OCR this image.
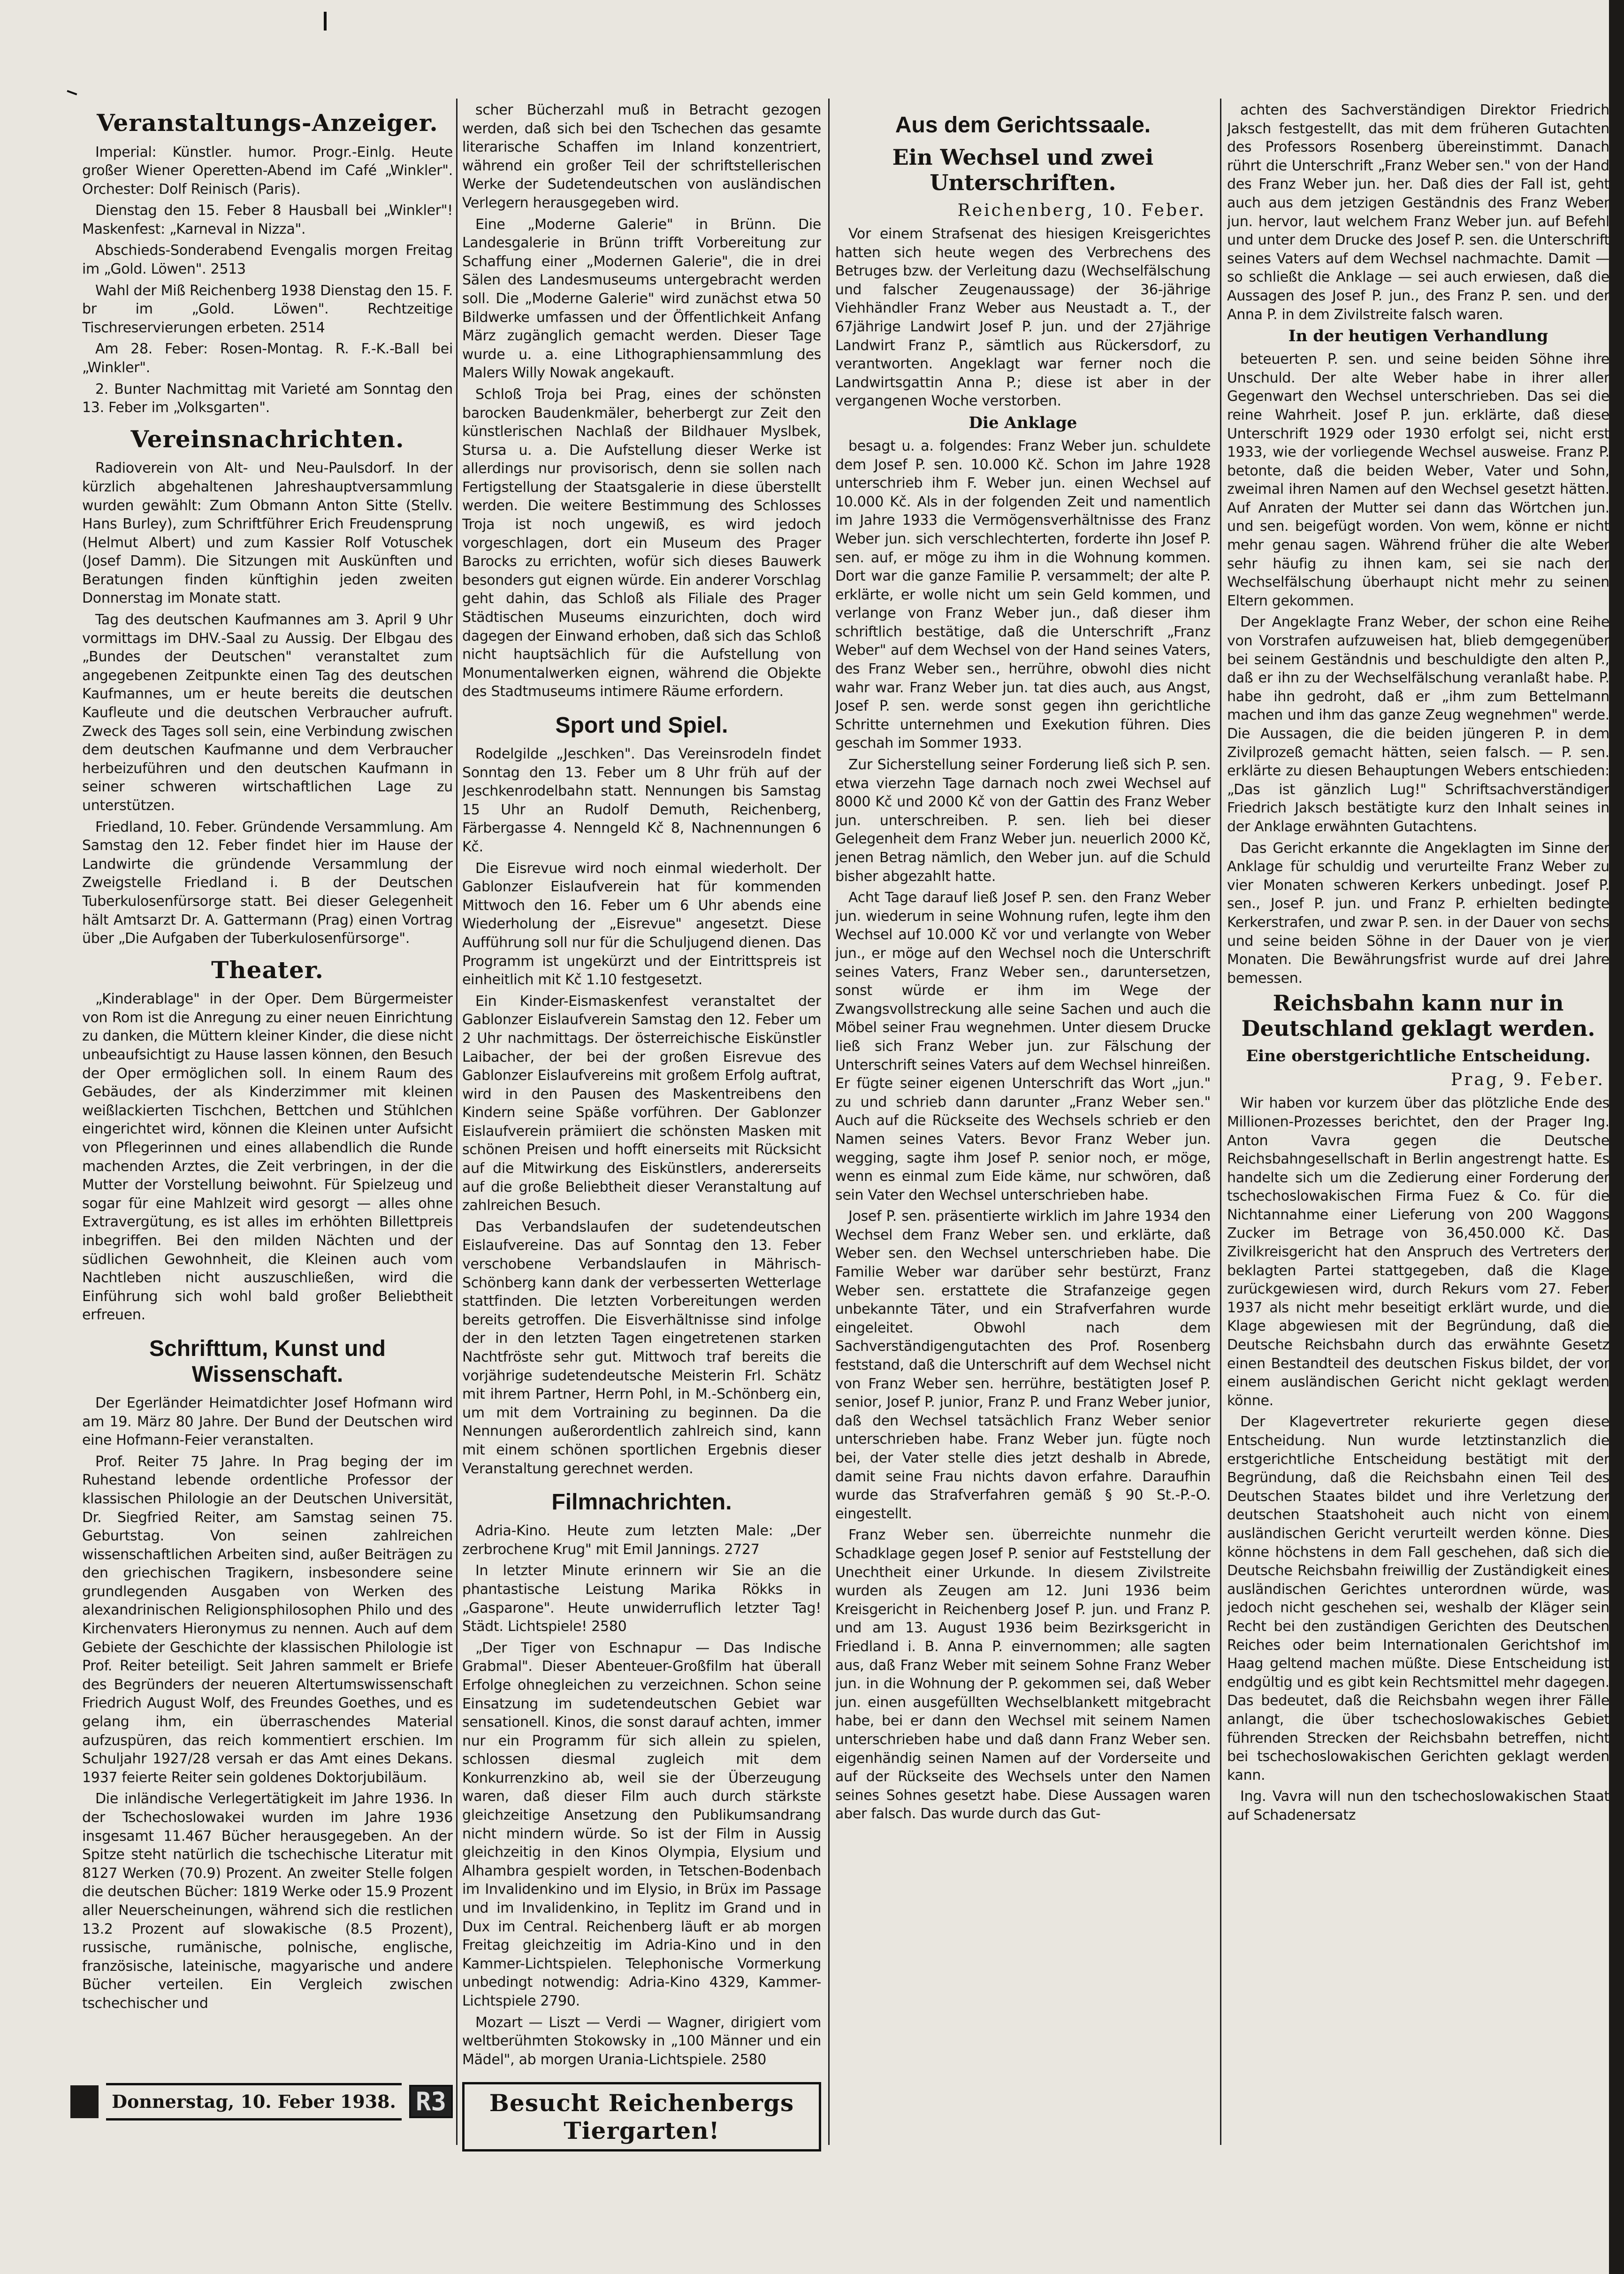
Veranstaltungs-Anzeiger.

Imperial: Künstler. humor. Progr.-Einlg. Heute großer Wiener Operetten-Abend im Café „Winkler". Orchester: Dolf Reinisch (Paris).

Dienstag den 15. Feber 8 Hausball bei „Winkler"! Maskenfest: „Karneval in Nizza".

Abschieds-Sonderabend Evengalis morgen Freitag im „Gold. Löwen". 2513

Wahl der Miß Reichenberg 1938 Dienstag den 15. F. br im „Gold. Löwen". Rechtzeitige Tischreservierungen erbeten. 2514

Am 28. Feber: Rosen-Montag. R. F.-K.-Ball bei „Winkler".

2. Bunter Nachmittag mit Varieté am Sonntag den 13. Feber im „Volksgarten".

Vereinsnachrichten.

Radioverein von Alt- und Neu-Paulsdorf. In der kürzlich abgehaltenen Jahreshauptversammlung wurden gewählt: Zum Obmann Anton Sitte (Stellv. Hans Burley), zum Schriftführer Erich Freudensprung (Helmut Albert) und zum Kassier Rolf Votuschek (Josef Damm). Die Sitzungen mit Auskünften und Beratungen finden künftighin jeden zweiten Donnerstag im Monate statt.

Tag des deutschen Kaufmannes am 3. April 9 Uhr vormittags im DHV.-Saal zu Aussig. Der Elbgau des „Bundes der Deutschen" veranstaltet zum angegebenen Zeitpunkte einen Tag des deutschen Kaufmannes, um er heute bereits die deutschen Kaufleute und die deutschen Verbraucher aufruft. Zweck des Tages soll sein, eine Verbindung zwischen dem deutschen Kaufmanne und dem Verbraucher herbeizuführen und den deutschen Kaufmann in seiner schweren wirtschaftlichen Lage zu unterstützen.

Friedland, 10. Feber. Gründende Versammlung. Am Samstag den 12. Feber findet hier im Hause der Landwirte die gründende Versammlung der Zweigstelle Friedland i. B der Deutschen Tuberkulosenfürsorge statt. Bei dieser Gelegenheit hält Amtsarzt Dr. A. Gattermann (Prag) einen Vortrag über „Die Aufgaben der Tuberkulosenfürsorge".

Theater.

„Kinderablage" in der Oper. Dem Bürgermeister von Rom ist die Anregung zu einer neuen Einrichtung zu danken, die Müttern kleiner Kinder, die diese nicht unbeaufsichtigt zu Hause lassen können, den Besuch der Oper ermöglichen soll. In einem Raum des Gebäudes, der als Kinderzimmer mit kleinen weißlackierten Tischchen, Bettchen und Stühlchen eingerichtet wird, können die Kleinen unter Aufsicht von Pflegerinnen und eines allabendlich die Runde machenden Arztes, die Zeit verbringen, in der die Mutter der Vorstellung beiwohnt. Für Spielzeug und sogar für eine Mahlzeit wird gesorgt — alles ohne Extravergütung, es ist alles im erhöhten Billettpreis inbegriffen. Bei den milden Nächten und der südlichen Gewohnheit, die Kleinen auch vom Nachtleben nicht auszuschließen, wird die Einführung sich wohl bald großer Beliebtheit erfreuen.

Schrifttum, Kunst und Wissenschaft.

Der Egerländer Heimatdichter Josef Hofmann wird am 19. März 80 Jahre. Der Bund der Deutschen wird eine Hofmann-Feier veranstalten.

Prof. Reiter 75 Jahre. In Prag beging der im Ruhestand lebende ordentliche Professor der klassischen Philologie an der Deutschen Universität, Dr. Siegfried Reiter, am Samstag seinen 75. Geburtstag. Von seinen zahlreichen wissenschaftlichen Arbeiten sind, außer Beiträgen zu den griechischen Tragikern, insbesondere seine grundlegenden Ausgaben von Werken des alexandrinischen Religionsphilosophen Philo und des Kirchenvaters Hieronymus zu nennen. Auch auf dem Gebiete der Geschichte der klassischen Philologie ist Prof. Reiter beteiligt. Seit Jahren sammelt er Briefe des Begründers der neueren Altertumswissenschaft Friedrich August Wolf, des Freundes Goethes, und es gelang ihm, ein überraschendes Material aufzuspüren, das reich kommentiert erschien. Im Schuljahr 1927/28 versah er das Amt eines Dekans. 1937 feierte Reiter sein goldenes Doktorjubiläum.

Die inländische Verlegertätigkeit im Jahre 1936. In der Tschechoslowakei wurden im Jahre 1936 insgesamt 11.467 Bücher herausgegeben. An der Spitze steht natürlich die tschechische Literatur mit 8127 Werken (70.9) Prozent. An zweiter Stelle folgen die deutschen Bücher: 1819 Werke oder 15.9 Prozent aller Neuerscheinungen, während sich die restlichen 13.2 Prozent auf slowakische (8.5 Prozent), russische, rumänische, polnische, englische, französische, lateinische, magyarische und andere Bücher verteilen. Ein Vergleich zwischen tschechischer und

scher Bücherzahl muß in Betracht gezogen werden, daß sich bei den Tschechen das gesamte literarische Schaffen im Inland konzentriert, während ein großer Teil der schriftstellerischen Werke der Sudetendeutschen von ausländischen Verlegern herausgegeben wird.

Eine „Moderne Galerie" in Brünn. Die Landesgalerie in Brünn trifft Vorbereitung zur Schaffung einer „Modernen Galerie", die in drei Sälen des Landesmuseums untergebracht werden soll. Die „Moderne Galerie" wird zunächst etwa 50 Bildwerke umfassen und der Öffentlichkeit Anfang März zugänglich gemacht werden. Dieser Tage wurde u. a. eine Lithographiensammlung des Malers Willy Nowak angekauft.

Schloß Troja bei Prag, eines der schönsten barocken Baudenkmäler, beherbergt zur Zeit den künstlerischen Nachlaß der Bildhauer Myslbek, Stursa u. a. Die Aufstellung dieser Werke ist allerdings nur provisorisch, denn sie sollen nach Fertigstellung der Staatsgalerie in diese überstellt werden. Die weitere Bestimmung des Schlosses Troja ist noch ungewiß, es wird jedoch vorgeschlagen, dort ein Museum des Prager Barocks zu errichten, wofür sich dieses Bauwerk besonders gut eignen würde. Ein anderer Vorschlag geht dahin, das Schloß als Filiale des Prager Städtischen Museums einzurichten, doch wird dagegen der Einwand erhoben, daß sich das Schloß nicht hauptsächlich für die Aufstellung von Monumentalwerken eignen, während die Objekte des Stadtmuseums intimere Räume erfordern.

Sport und Spiel.

Rodelgilde „Jeschken". Das Vereinsrodeln findet Sonntag den 13. Feber um 8 Uhr früh auf der Jeschkenrodelbahn statt. Nennungen bis Samstag 15 Uhr an Rudolf Demuth, Reichenberg, Färbergasse 4. Nenngeld Kč 8, Nachnennungen 6 Kč.

Die Eisrevue wird noch einmal wiederholt. Der Gablonzer Eislaufverein hat für kommenden Mittwoch den 16. Feber um 6 Uhr abends eine Wiederholung der „Eisrevue" angesetzt. Diese Aufführung soll nur für die Schuljugend dienen. Das Programm ist ungekürzt und der Eintrittspreis ist einheitlich mit Kč 1.10 festgesetzt.

Ein Kinder-Eismaskenfest veranstaltet der Gablonzer Eislaufverein Samstag den 12. Feber um 2 Uhr nachmittags. Der österreichische Eiskünstler Laibacher, der bei der großen Eisrevue des Gablonzer Eislaufvereins mit großem Erfolg auftrat, wird in den Pausen des Maskentreibens den Kindern seine Späße vorführen. Der Gablonzer Eislaufverein prämiiert die schönsten Masken mit schönen Preisen und hofft einerseits mit Rücksicht auf die Mitwirkung des Eiskünstlers, andererseits auf die große Beliebtheit dieser Veranstaltung auf zahlreichen Besuch.

Das Verbandslaufen der sudetendeutschen Eislaufvereine. Das auf Sonntag den 13. Feber verschobene Verbandslaufen in Mährisch-Schönberg kann dank der verbesserten Wetterlage stattfinden. Die letzten Vorbereitungen werden bereits getroffen. Die Eisverhältnisse sind infolge der in den letzten Tagen eingetretenen starken Nachtfröste sehr gut. Mittwoch traf bereits die vorjährige sudetendeutsche Meisterin Frl. Schätz mit ihrem Partner, Herrn Pohl, in M.-Schönberg ein, um mit dem Vortraining zu beginnen. Da die Nennungen außerordentlich zahlreich sind, kann mit einem schönen sportlichen Ergebnis dieser Veranstaltung gerechnet werden.

Filmnachrichten.

Adria-Kino. Heute zum letzten Male: „Der zerbrochene Krug" mit Emil Jannings. 2727

In letzter Minute erinnern wir Sie an die phantastische Leistung Marika Rökks in „Gasparone". Heute unwiderruflich letzter Tag! Städt. Lichtspiele! 2580

„Der Tiger von Eschnapur — Das Indische Grabmal". Dieser Abenteuer-Großfilm hat überall Erfolge ohnegleichen zu verzeichnen. Schon seine Einsatzung im sudetendeutschen Gebiet war sensationell. Kinos, die sonst darauf achten, immer nur ein Programm für sich allein zu spielen, schlossen diesmal zugleich mit dem Konkurrenzkino ab, weil sie der Überzeugung waren, daß dieser Film auch durch stärkste gleichzeitige Ansetzung den Publikumsandrang nicht mindern würde. So ist der Film in Aussig gleichzeitig in den Kinos Olympia, Elysium und Alhambra gespielt worden, in Tetschen-Bodenbach im Invalidenkino und im Elysio, in Brüx im Passage und im Invalidenkino, in Teplitz im Grand und in Dux im Central. Reichenberg läuft er ab morgen Freitag gleichzeitig im Adria-Kino und in den Kammer-Lichtspielen. Telephonische Vormerkung unbedingt notwendig: Adria-Kino 4329, Kammer-Lichtspiele 2790.

Mozart — Liszt — Verdi — Wagner, dirigiert vom weltberühmten Stokowsky in „100 Männer und ein Mädel", ab morgen Urania-Lichtspiele. 2580

Besucht Reichenbergs Tiergarten!
Aus dem Gerichtssaale.
Ein Wechsel und zwei Unterschriften.
Reichenberg, 10. Feber.

Vor einem Strafsenat des hiesigen Kreisgerichtes hatten sich heute wegen des Verbrechens des Betruges bzw. der Verleitung dazu (Wechselfälschung und falscher Zeugenaussage) der 36-jährige Viehhändler Franz Weber aus Neustadt a. T., der 67jährige Landwirt Josef P. jun. und der 27jährige Landwirt Franz P., sämtlich aus Rückersdorf, zu verantworten. Angeklagt war ferner noch die Landwirtsgattin Anna P.; diese ist aber in der vergangenen Woche verstorben.

Die Anklage

besagt u. a. folgendes: Franz Weber jun. schuldete dem Josef P. sen. 10.000 Kč. Schon im Jahre 1928 unterschrieb ihm F. Weber jun. einen Wechsel auf 10.000 Kč. Als in der folgenden Zeit und namentlich im Jahre 1933 die Vermögensverhältnisse des Franz Weber jun. sich verschlechterten, forderte ihn Josef P. sen. auf, er möge zu ihm in die Wohnung kommen. Dort war die ganze Familie P. versammelt; der alte P. erklärte, er wolle nicht um sein Geld kommen, und verlange von Franz Weber jun., daß dieser ihm schriftlich bestätige, daß die Unterschrift „Franz Weber" auf dem Wechsel von der Hand seines Vaters, des Franz Weber sen., herrühre, obwohl dies nicht wahr war. Franz Weber jun. tat dies auch, aus Angst, Josef P. sen. werde sonst gegen ihn gerichtliche Schritte unternehmen und Exekution führen. Dies geschah im Sommer 1933.

Zur Sicherstellung seiner Forderung ließ sich P. sen. etwa vierzehn Tage darnach noch zwei Wechsel auf 8000 Kč und 2000 Kč von der Gattin des Franz Weber jun. unterschreiben. P. sen. lieh bei dieser Gelegenheit dem Franz Weber jun. neuerlich 2000 Kč, jenen Betrag nämlich, den Weber jun. auf die Schuld bisher abgezahlt hatte.

Acht Tage darauf ließ Josef P. sen. den Franz Weber jun. wiederum in seine Wohnung rufen, legte ihm den Wechsel auf 10.000 Kč vor und verlangte von Weber jun., er möge auf den Wechsel noch die Unterschrift seines Vaters, Franz Weber sen., daruntersetzen, sonst würde er ihm im Wege der Zwangsvollstreckung alle seine Sachen und auch die Möbel seiner Frau wegnehmen. Unter diesem Drucke ließ sich Franz Weber jun. zur Fälschung der Unterschrift seines Vaters auf dem Wechsel hinreißen. Er fügte seiner eigenen Unterschrift das Wort „jun." zu und schrieb dann darunter „Franz Weber sen." Auch auf die Rückseite des Wechsels schrieb er den Namen seines Vaters. Bevor Franz Weber jun. wegging, sagte ihm Josef P. senior noch, er möge, wenn es einmal zum Eide käme, nur schwören, daß sein Vater den Wechsel unterschrieben habe.

Josef P. sen. präsentierte wirklich im Jahre 1934 den Wechsel dem Franz Weber sen. und erklärte, daß Weber sen. den Wechsel unterschrieben habe. Die Familie Weber war darüber sehr bestürzt, Franz Weber sen. erstattete die Strafanzeige gegen unbekannte Täter, und ein Strafverfahren wurde eingeleitet. Obwohl nach dem Sachverständigengutachten des Prof. Rosenberg feststand, daß die Unterschrift auf dem Wechsel nicht von Franz Weber sen. herrühre, bestätigten Josef P. senior, Josef P. junior, Franz P. und Franz Weber junior, daß den Wechsel tatsächlich Franz Weber senior unterschrieben habe. Franz Weber jun. fügte noch bei, der Vater stelle dies jetzt deshalb in Abrede, damit seine Frau nichts davon erfahre. Daraufhin wurde das Strafverfahren gemäß § 90 St.-P.-O. eingestellt.

Franz Weber sen. überreichte nunmehr die Schadklage gegen Josef P. senior auf Feststellung der Unechtheit einer Urkunde. In diesem Zivilstreite wurden als Zeugen am 12. Juni 1936 beim Kreisgericht in Reichenberg Josef P. jun. und Franz P. und am 13. August 1936 beim Bezirksgericht in Friedland i. B. Anna P. einvernommen; alle sagten aus, daß Franz Weber mit seinem Sohne Franz Weber jun. in die Wohnung der P. gekommen sei, daß Weber jun. einen ausgefüllten Wechselblankett mitgebracht habe, bei er dann den Wechsel mit seinem Namen unterschrieben habe und daß dann Franz Weber sen. eigenhändig seinen Namen auf der Vorderseite und auf der Rückseite des Wechsels unter den Namen seines Sohnes gesetzt habe. Diese Aussagen waren aber falsch. Das wurde durch das Gut-

achten des Sachverständigen Direktor Friedrich Jaksch festgestellt, das mit dem früheren Gutachten des Professors Rosenberg übereinstimmt. Danach rührt die Unterschrift „Franz Weber sen." von der Hand des Franz Weber jun. her. Daß dies der Fall ist, geht auch aus dem jetzigen Geständnis des Franz Weber jun. hervor, laut welchem Franz Weber jun. auf Befehl und unter dem Drucke des Josef P. sen. die Unterschrift seines Vaters auf dem Wechsel nachmachte. Damit — so schließt die Anklage — sei auch erwiesen, daß die Aussagen des Josef P. jun., des Franz P. sen. und der Anna P. in dem Zivilstreite falsch waren.

In der heutigen Verhandlung

beteuerten P. sen. und seine beiden Söhne ihre Unschuld. Der alte Weber habe in ihrer aller Gegenwart den Wechsel unterschrieben. Das sei die reine Wahrheit. Josef P. jun. erklärte, daß diese Unterschrift 1929 oder 1930 erfolgt sei, nicht erst 1933, wie der vorliegende Wechsel ausweise. Franz P. betonte, daß die beiden Weber, Vater und Sohn, zweimal ihren Namen auf den Wechsel gesetzt hätten. Auf Anraten der Mutter sei dann das Wörtchen jun. und sen. beigefügt worden. Von wem, könne er nicht mehr genau sagen. Während früher die alte Weber sehr häufig zu ihnen kam, sei sie nach der Wechselfälschung überhaupt nicht mehr zu seinen Eltern gekommen.

Der Angeklagte Franz Weber, der schon eine Reihe von Vorstrafen aufzuweisen hat, blieb demgegenüber bei seinem Geständnis und beschuldigte den alten P., daß er ihn zu der Wechselfälschung veranlaßt habe. P. habe ihn gedroht, daß er „ihm zum Bettelmann machen und ihm das ganze Zeug wegnehmen" werde. Die Aussagen, die die beiden jüngeren P. in dem Zivilprozeß gemacht hätten, seien falsch. — P. sen. erklärte zu diesen Behauptungen Webers entschieden: „Das ist gänzlich Lug!" Schriftsachverständiger Friedrich Jaksch bestätigte kurz den Inhalt seines in der Anklage erwähnten Gutachtens.

Das Gericht erkannte die Angeklagten im Sinne der Anklage für schuldig und verurteilte Franz Weber zu vier Monaten schweren Kerkers unbedingt. Josef P. sen., Josef P. jun. und Franz P. erhielten bedingte Kerkerstrafen, und zwar P. sen. in der Dauer von sechs und seine beiden Söhne in der Dauer von je vier Monaten. Die Bewährungsfrist wurde auf drei Jahre bemessen.

Reichsbahn kann nur in Deutschland geklagt werden.
Eine oberstgerichtliche Entscheidung.
Prag, 9. Feber.

Wir haben vor kurzem über das plötzliche Ende des Millionen-Prozesses berichtet, den der Prager Ing. Anton Vavra gegen die Deutsche Reichsbahngesellschaft in Berlin angestrengt hatte. Es handelte sich um die Zedierung einer Forderung der tschechoslowakischen Firma Fuez & Co. für die Nichtannahme einer Lieferung von 200 Waggons Zucker im Betrage von 36,450.000 Kč. Das Zivilkreisgericht hat den Anspruch des Vertreters der beklagten Partei stattgegeben, daß die Klage zurückgewiesen wird, durch Rekurs vom 27. Feber 1937 als nicht mehr beseitigt erklärt wurde, und die Klage abgewiesen mit der Begründung, daß die Deutsche Reichsbahn durch das erwähnte Gesetz einen Bestandteil des deutschen Fiskus bildet, der vor einem ausländischen Gericht nicht geklagt werden könne.

Der Klagevertreter rekurierte gegen diese Entscheidung. Nun wurde letztinstanzlich die erstgerichtliche Entscheidung bestätigt mit der Begründung, daß die Reichsbahn einen Teil des Deutschen Staates bildet und ihre Verletzung der deutschen Staatshoheit auch nicht von einem ausländischen Gericht verurteilt werden könne. Dies könne höchstens in dem Fall geschehen, daß sich die Deutsche Reichsbahn freiwillig der Zuständigkeit eines ausländischen Gerichtes unterordnen würde, was jedoch nicht geschehen sei, weshalb der Kläger sein Recht bei den zuständigen Gerichten des Deutschen Reiches oder beim Internationalen Gerichtshof im Haag geltend machen müßte. Diese Entscheidung ist endgültig und es gibt kein Rechtsmittel mehr dagegen. Das bedeutet, daß die Reichsbahn wegen ihrer Fälle anlangt, die über tschechoslowakisches Gebiet führenden Strecken der Reichsbahn betreffen, nicht bei tschechoslowakischen Gerichten geklagt werden kann.

Ing. Vavra will nun den tschechoslowakischen Staat auf Schadenersatz

Donnerstag, 10. Feber 1938. R3
